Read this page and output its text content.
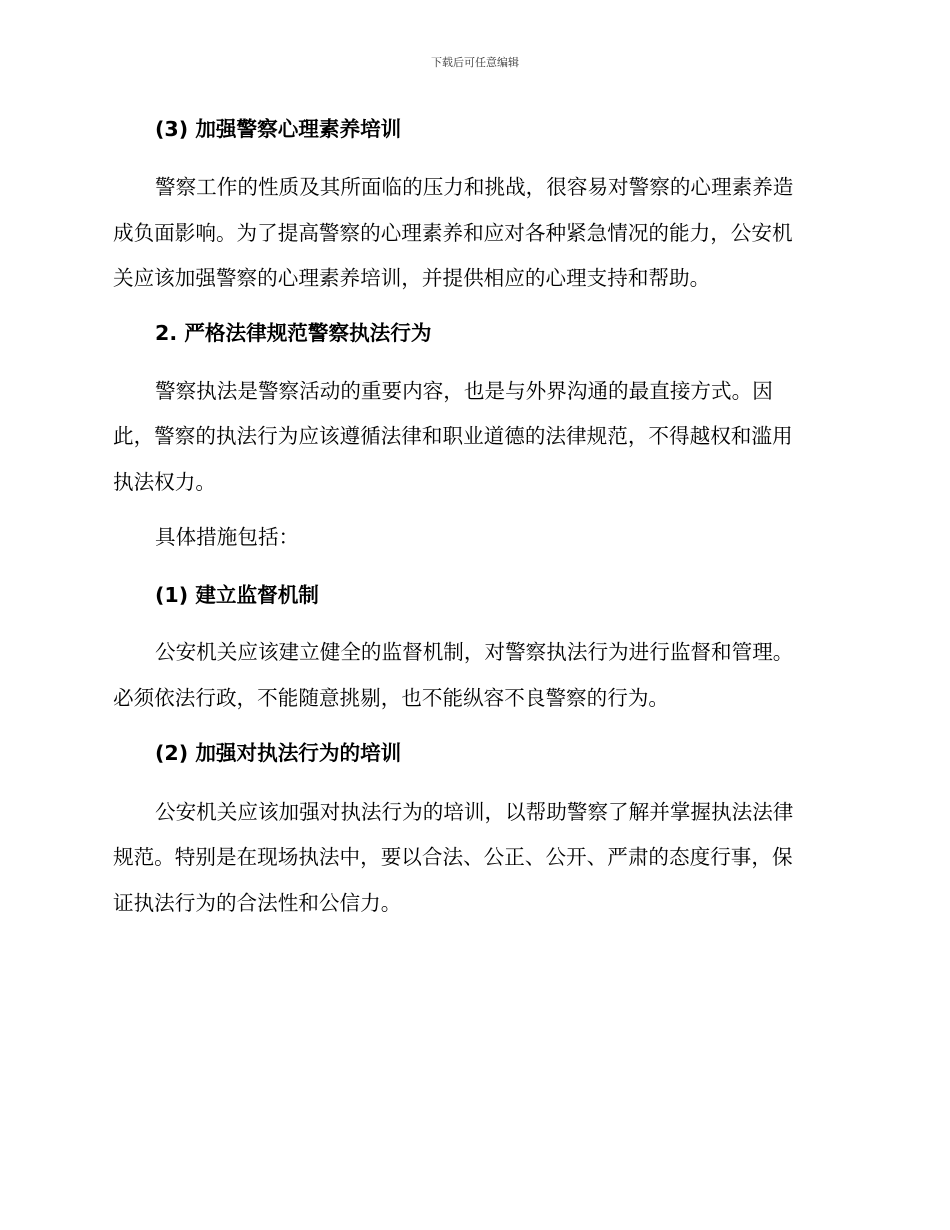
下载后可任意编辑
(3) 加强警察心理素养培训
警察工作的性质及其所面临的压力和挑战，很容易对警察的心理素养造
成负面影响。为了提高警察的心理素养和应对各种紧急情况的能力，公安机
关应该加强警察的心理素养培训，并提供相应的心理支持和帮助。
2. 严格法律规范警察执法行为
警察执法是警察活动的重要内容，也是与外界沟通的最直接方式。因
此，警察的执法行为应该遵循法律和职业道德的法律规范，不得越权和滥用
执法权力。
具体措施包括：
(1) 建立监督机制
公安机关应该建立健全的监督机制，对警察执法行为进行监督和管理。
必须依法行政，不能随意挑剔，也不能纵容不良警察的行为。
(2) 加强对执法行为的培训
公安机关应该加强对执法行为的培训，以帮助警察了解并掌握执法法律
规范。特别是在现场执法中，要以合法、公正、公开、严肃的态度行事，保
证执法行为的合法性和公信力。
